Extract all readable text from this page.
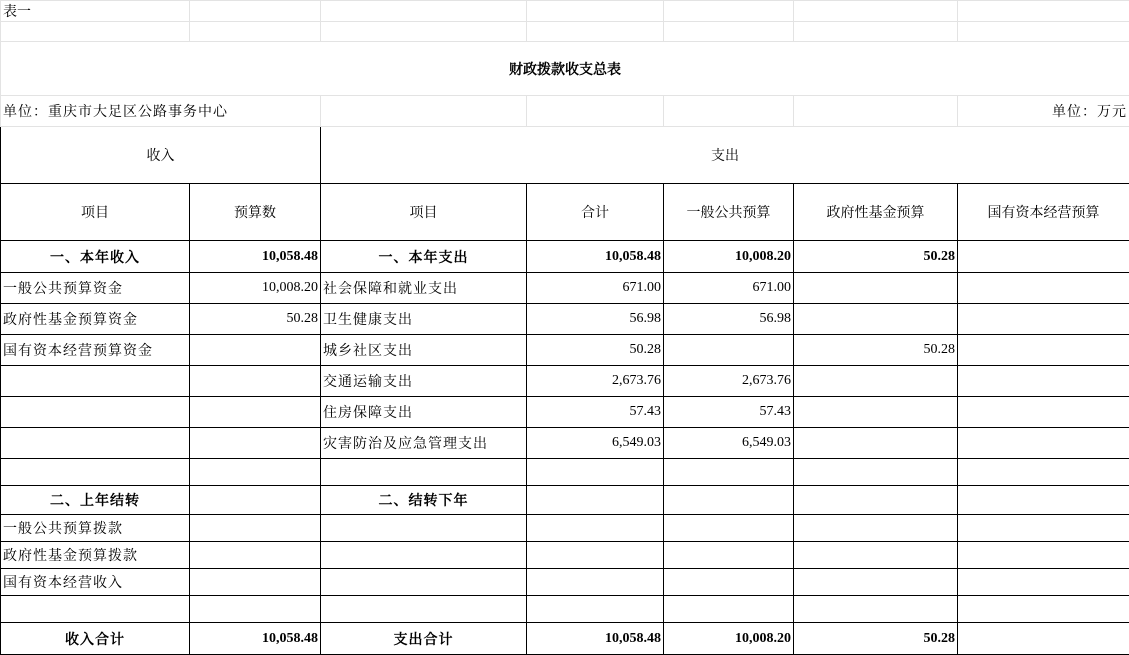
表一						

财政拨款收支总表						
单位：重庆市大足区公路事务中心						单位：万元
收入		支出				
项目	预算数	项目	合计	一般公共预算	政府性基金预算	国有资本经营预算
一、本年收入	10,058.48	一、本年支出	10,058.48	10,008.20	50.28	
一般公共预算资金	10,008.20	社会保障和就业支出	671.00	671.00		
政府性基金预算资金	50.28	卫生健康支出	56.98	56.98		
国有资本经营预算资金		城乡社区支出	50.28		50.28	
		交通运输支出	2,673.76	2,673.76		
		住房保障支出	57.43	57.43		
		灾害防治及应急管理支出	6,549.03	6,549.03		

二、上年结转		二、结转下年				
一般公共预算拨款						
政府性基金预算拨款						
国有资本经营收入						

收入合计	10,058.48	支出合计	10,058.48	10,008.20	50.28	
